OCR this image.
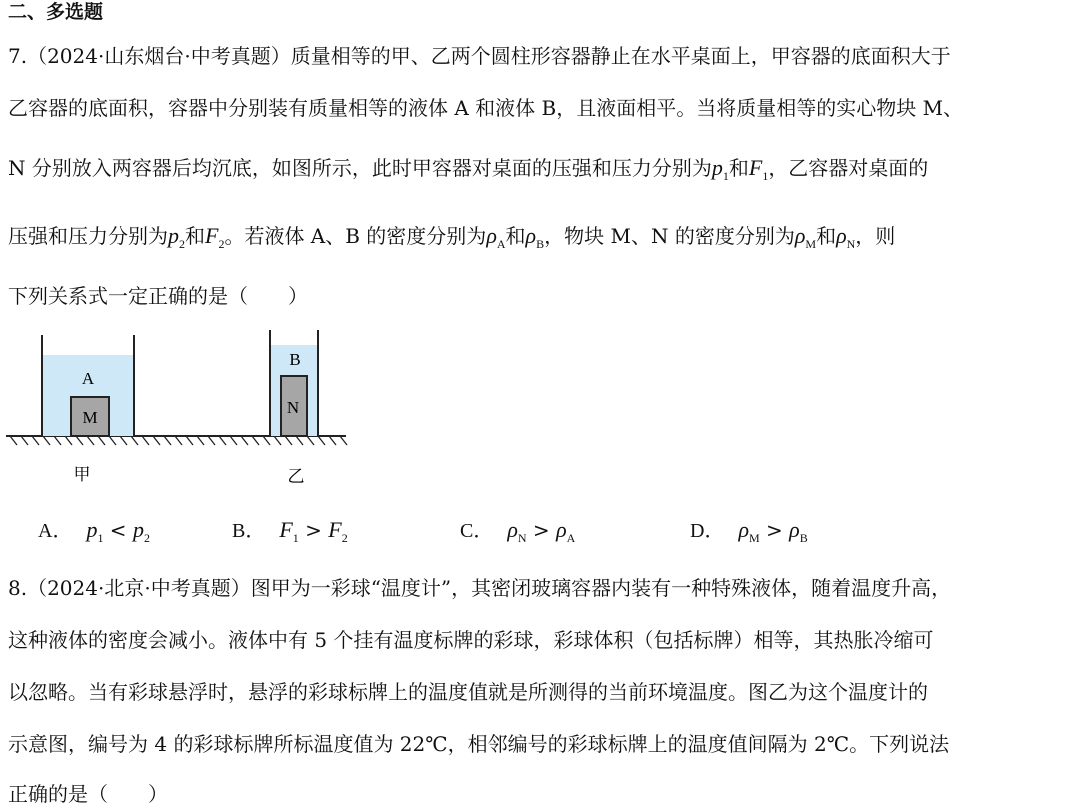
二、多选题
7.（2024·山东烟台·中考真题）质量相等的甲、乙两个圆柱形容器静止在水平桌面上，甲容器的底面积大于
乙容器的底面积，容器中分别装有质量相等的液体 A 和液体 B，且液面相平。当将质量相等的实心物块 M、
N 分别放入两容器后均沉底，如图所示，此时甲容器对桌面的压强和压力分别为$p_1$和$F_1$，乙容器对桌面的
压强和压力分别为$p_2$和$F_2$。若液体 A、B 的密度分别为$\rho_A$和$\rho_B$，物块 M、N 的密度分别为$\rho_M$和$\rho_N$，则
下列关系式一定正确的是（　　）
A
M
B
N
甲	乙
A． $p_1 < p_2$	B． $F_1 > F_2$	C． $\rho_N > \rho_A$	D． $\rho_M > \rho_B$
8.（2024·北京·中考真题）图甲为一彩球“温度计”，其密闭玻璃容器内装有一种特殊液体，随着温度升高，
这种液体的密度会减小。液体中有 5 个挂有温度标牌的彩球，彩球体积（包括标牌）相等，其热胀冷缩可
以忽略。当有彩球悬浮时，悬浮的彩球标牌上的温度值就是所测得的当前环境温度。图乙为这个温度计的
示意图，编号为 4 的彩球标牌所标温度值为 22℃，相邻编号的彩球标牌上的温度值间隔为 2℃。下列说法
正确的是（　　）
